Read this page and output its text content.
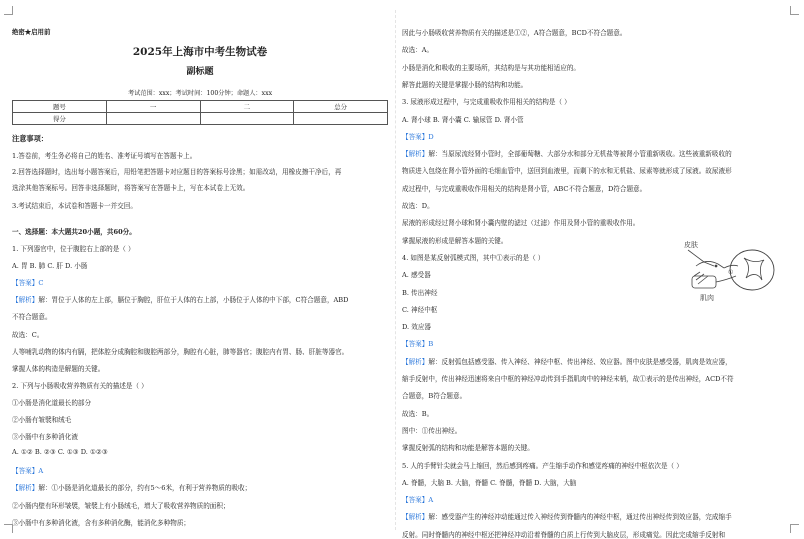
绝密★启用前
2025年上海市中考生物试卷
副标题
考试范围：xxx；考试时间：100分钟；命题人：xxx
题号	一	二	总分
得分			
注意事项：
1.答卷前，考生务必将自己的姓名、准考证号填写在答题卡上。
2.回答选择题时，选出每小题答案后，用铅笔把答题卡对应题目的答案标号涂黑；如需改动，用橡皮擦干净后，再
选涂其他答案标号。回答非选择题时，将答案写在答题卡上，写在本试卷上无效。
3.考试结束后，本试卷和答题卡一并交回。
一、选择题：本大题共20小题，共60分。
1. 下列器官中，位于腹腔右上部的是（ ）
A. 胃 B. 肺 C. 肝 D. 小肠
【答案】C
【解析】解：胃位于人体的左上部，膈位于胸腔，肝位于人体的右上部，小肠位于人体的中下部，C符合题意，ABD
不符合题意。
故选：C。
人等哺乳动物的体内有膈，把体腔分成胸腔和腹腔两部分，胸腔有心脏，肺等器官；腹腔内有胃、肠、肝脏等器官。
掌握人体的构造是解题的关键。
2. 下列与小肠吸收营养物质有关的描述是（ ）
①小肠是消化道最长的部分
②小肠有皱襞和绒毛
③小肠中有多种消化液
A. ①② B. ②③ C. ①③ D. ①②③
【答案】A
【解析】解：①小肠是消化道最长的部分，约有5～6米，有利于营养物质的吸收；
②小肠内壁有环形皱襞，皱襞上有小肠绒毛，增大了吸收营养物质的面积；
③小肠中有多种消化液，含有多种消化酶，能消化多种物质；
因此与小肠吸收营养物质有关的描述是①②，A符合题意，BCD不符合题意。
故选：A。
小肠是消化和吸收的主要场所，其结构是与其功能相适应的。
解答此题的关键是掌握小肠的结构和功能。
3. 尿液形成过程中，与完成重吸收作用相关的结构是（ ）
A. 肾小球 B. 肾小囊 C. 输尿管 D. 肾小管
【答案】D
【解析】解：当原尿流经肾小管时，全部葡萄糖、大部分水和部分无机盐等被肾小管重新吸收。这些被重新吸收的
物质进入包绕在肾小管外面的毛细血管中，送回到血液里，而剩下的水和无机盐、尿素等就形成了尿液。故尿液形
成过程中，与完成重吸收作用相关的结构是肾小管，ABC不符合题意，D符合题意。
故选：D。
尿液的形成经过肾小球和肾小囊内壁的滤过（过滤）作用及肾小管的重吸收作用。
掌握尿液的形成是解答本题的关键。
4. 如图是某反射弧模式图，其中①表示的是（ ）
A. 感受器
B. 传出神经
C. 神经中枢
D. 效应器
【答案】B
【解析】解：反射弧包括感受器、传入神经、神经中枢、传出神经、效应器。图中皮肤是感受器，肌肉是效应器，
缩手反射中，传出神经迅速将来自中枢的神经冲动传到手指肌肉中的神经末梢，故①表示的是传出神经，ACD不符
合题意，B符合题意。
故选：B。
图中：①传出神经。
掌握反射弧的结构和功能是解答本题的关键。
5. 人的手臂针尖就会马上缩回，然后感到疼痛。产生缩手动作和感觉疼痛的神经中枢依次是（ ）
A. 脊髓，大脑 B. 大脑，脊髓 C. 脊髓，脊髓 D. 大脑，大脑
【答案】A
【解析】解：感受器产生的神经冲动能通过传入神经传到脊髓内的神经中枢，通过传出神经传到效应器，完成缩手
反射。同时脊髓内的神经中枢还把神经冲动沿着脊髓的白质上行传到大脑皮层，形成痛觉。因此完成缩手反射和
皮肤
①
肌肉
